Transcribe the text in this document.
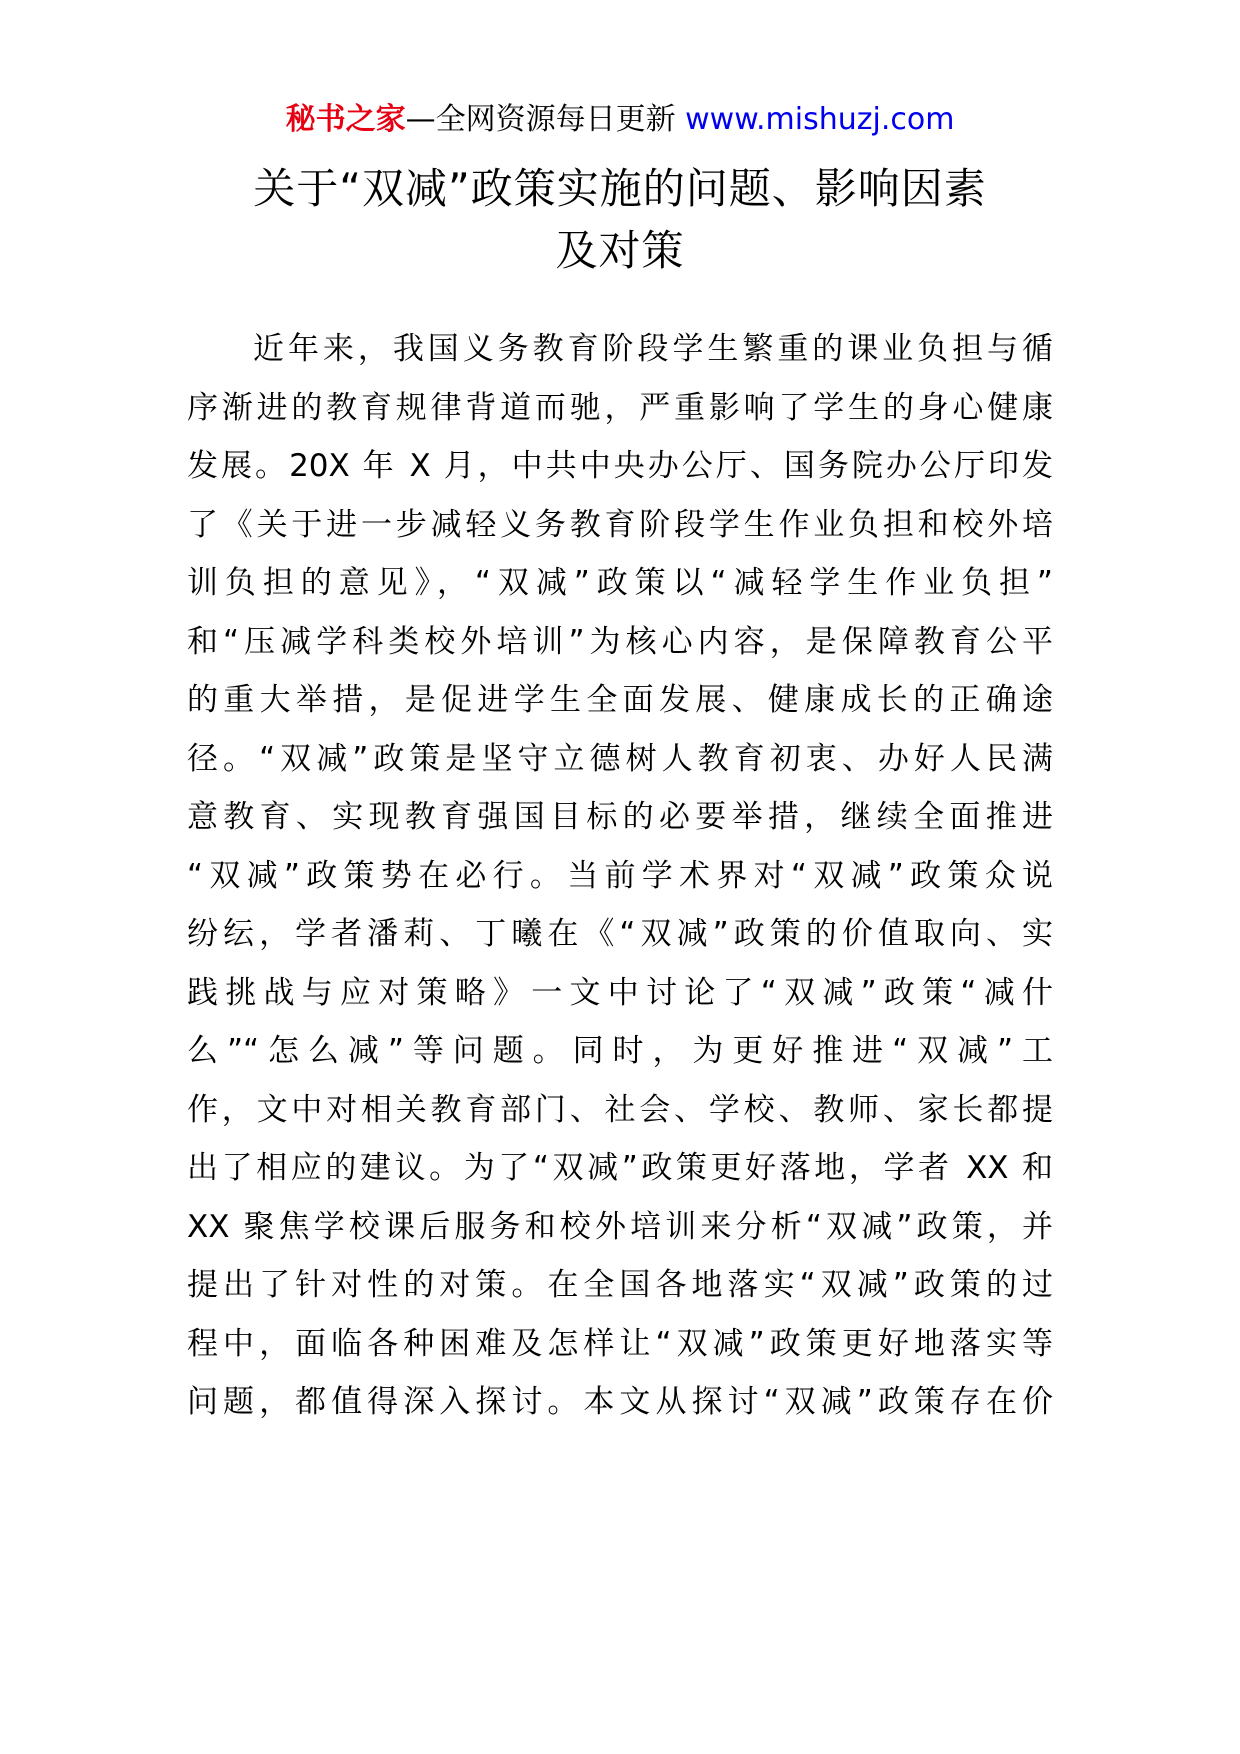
秘书之家—全网资源每日更新 www.mishuzj.com
关于“双减”政策实施的问题、影响因素
及对策
近年来，我国义务教育阶段学生繁重的课业负担与循
序渐进的教育规律背道而驰，严重影响了学生的身心健康
发展。20X 年 X 月，中共中央办公厅、国务院办公厅印发
了《关于进一步减轻义务教育阶段学生作业负担和校外培
训负担的意见》，“双减”政策以“减轻学生作业负担”
和“压减学科类校外培训”为核心内容，是保障教育公平
的重大举措，是促进学生全面发展、健康成长的正确途
径。“双减”政策是坚守立德树人教育初衷、办好人民满
意教育、实现教育强国目标的必要举措，继续全面推进
“双减”政策势在必行。当前学术界对“双减”政策众说
纷纭，学者潘莉、丁曦在《“双减”政策的价值取向、实
践挑战与应对策略》一文中讨论了“双减”政策“减什
么”“怎么减”等问题。同时，为更好推进“双减”工
作，文中对相关教育部门、社会、学校、教师、家长都提
出了相应的建议。为了“双减”政策更好落地，学者 XX 和
XX 聚焦学校课后服务和校外培训来分析“双减”政策，并
提出了针对性的对策。在全国各地落实“双减”政策的过
程中，面临各种困难及怎样让“双减”政策更好地落实等
问题，都值得深入探讨。本文从探讨“双减”政策存在价
